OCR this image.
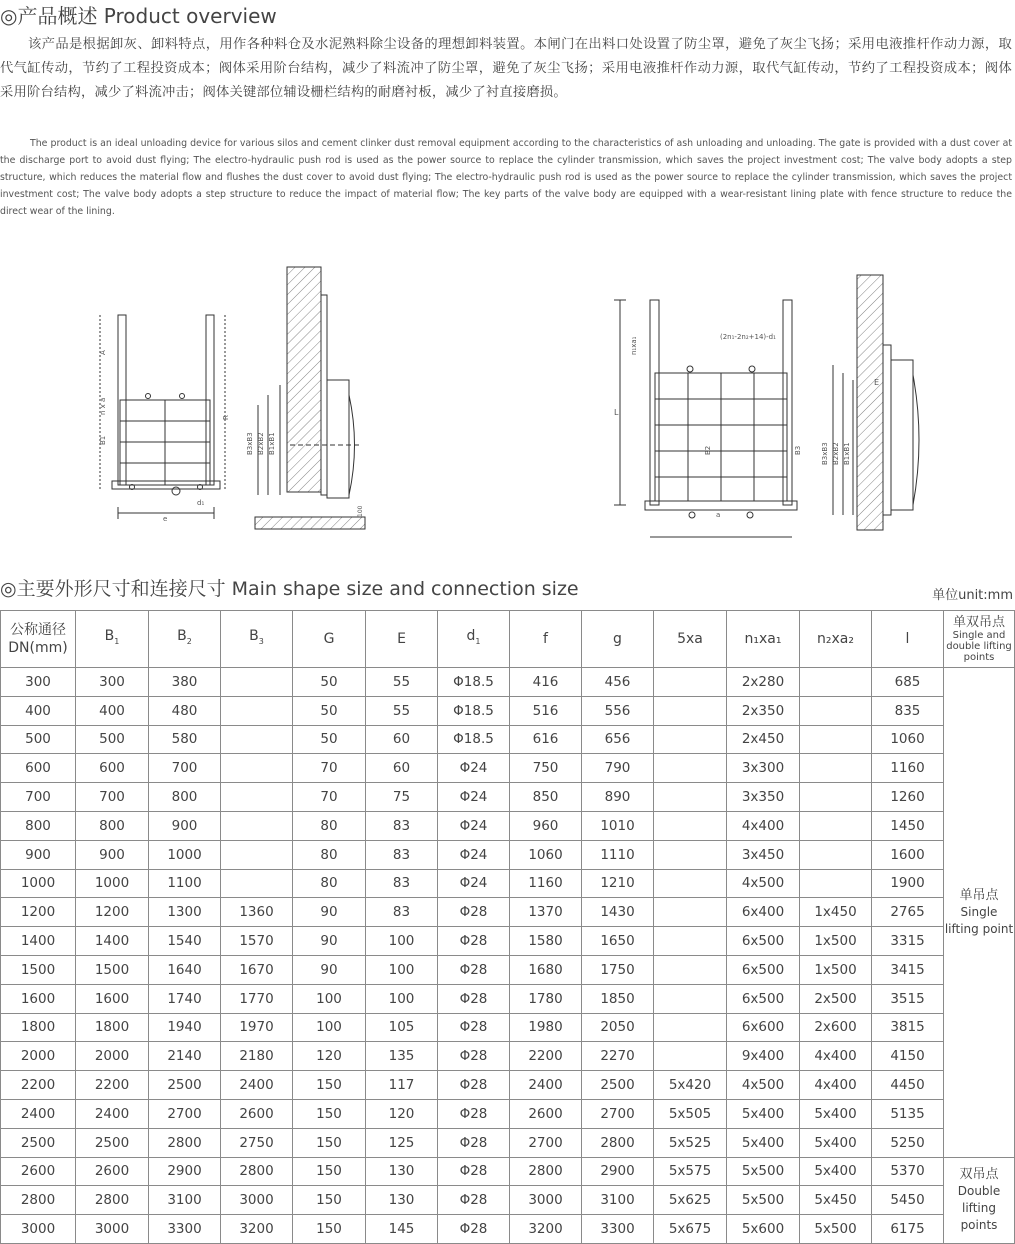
◎产品概述 Product overview
该产品是根据卸灰、卸料特点，用作各种料仓及水泥熟料除尘设备的理想卸料装置。本闸门在出料口处设置了防尘罩，避免了灰尘飞扬；采用电液推杆作动力源，取代气缸传动，节约了工程投资成本；阀体采用阶台结构，减少了料流冲了防尘罩，避免了灰尘飞扬；采用电液推杆作动力源，取代气缸传动，节约了工程投资成本；阀体采用阶台结构，减少了料流冲击；阀体关键部位辅设栅栏结构的耐磨衬板，减少了衬直接磨损。
The product is an ideal unloading device for various silos and cement clinker dust removal equipment according to the characteristics of ash unloading and unloading. The gate is provided with a dust cover at the discharge port to avoid dust flying; The electro-hydraulic push rod is used as the power source to replace the cylinder transmission, which saves the project investment cost; The valve body adopts a step structure, which reduces the material flow and flushes the dust cover to avoid dust flying; The electro-hydraulic push rod is used as the power source to replace the cylinder transmission, which saves the project investment cost; The valve body adopts a step structure to reduce the impact of material flow; The key parts of the valve body are equipped with a wear-resistant lining plate with fence structure to reduce the direct wear of the lining.
A
n x a
B1
R
d₁
e
B3xB3 B2xB2 B1xB1
100
L
(2n₁-2n₂+14)-d₁
n₁xa₁
B2	B3
a
B3xB3 B2xB2 B1xB1
E
◎主要外形尺寸和连接尺寸 Main shape size and connection size	单位unit:mm
公称通径
DN(mm)	$B_1$	$B_2$	$B_3$	G	E	$d_1$	f	g	5xa	n₁xa₁	n₂xa₂	l	单双吊点
Single and double lifting points

300	300	380		50	55	Φ18.5	416	456		2x280		685	单吊点
Single lifting point

400	400	480		50	55	Φ18.5	516	556		2x350		835	
500	500	580		50	60	Φ18.5	616	656		2x450		1060	
600	600	700		70	60	Φ24	750	790		3x300		1160	
700	700	800		70	75	Φ24	850	890		3x350		1260	
800	800	900		80	83	Φ24	960	1010		4x400		1450	
900	900	1000		80	83	Φ24	1060	1110		3x450		1600	
1000	1000	1100		80	83	Φ24	1160	1210		4x500		1900	
1200	1200	1300	1360	90	83	Φ28	1370	1430		6x400	1x450	2765	
1400	1400	1540	1570	90	100	Φ28	1580	1650		6x500	1x500	3315	
1500	1500	1640	1670	90	100	Φ28	1680	1750		6x500	1x500	3415	
1600	1600	1740	1770	100	100	Φ28	1780	1850		6x500	2x500	3515	
1800	1800	1940	1970	100	105	Φ28	1980	2050		6x600	2x600	3815	
2000	2000	2140	2180	120	135	Φ28	2200	2270		9x400	4x400	4150	
2200	2200	2500	2400	150	117	Φ28	2400	2500	5x420	4x500	4x400	4450	
2400	2400	2700	2600	150	120	Φ28	2600	2700	5x505	5x400	5x400	5135	
2500	2500	2800	2750	150	125	Φ28	2700	2800	5x525	5x400	5x400	5250	
2600	2600	2900	2800	150	130	Φ28	2800	2900	5x575	5x500	5x400	5370	双吊点
Double lifting points

2800	2800	3100	3000	150	130	Φ28	3000	3100	5x625	5x500	5x450	5450	
3000	3000	3300	3200	150	145	Φ28	3200	3300	5x675	5x600	5x500	6175	
